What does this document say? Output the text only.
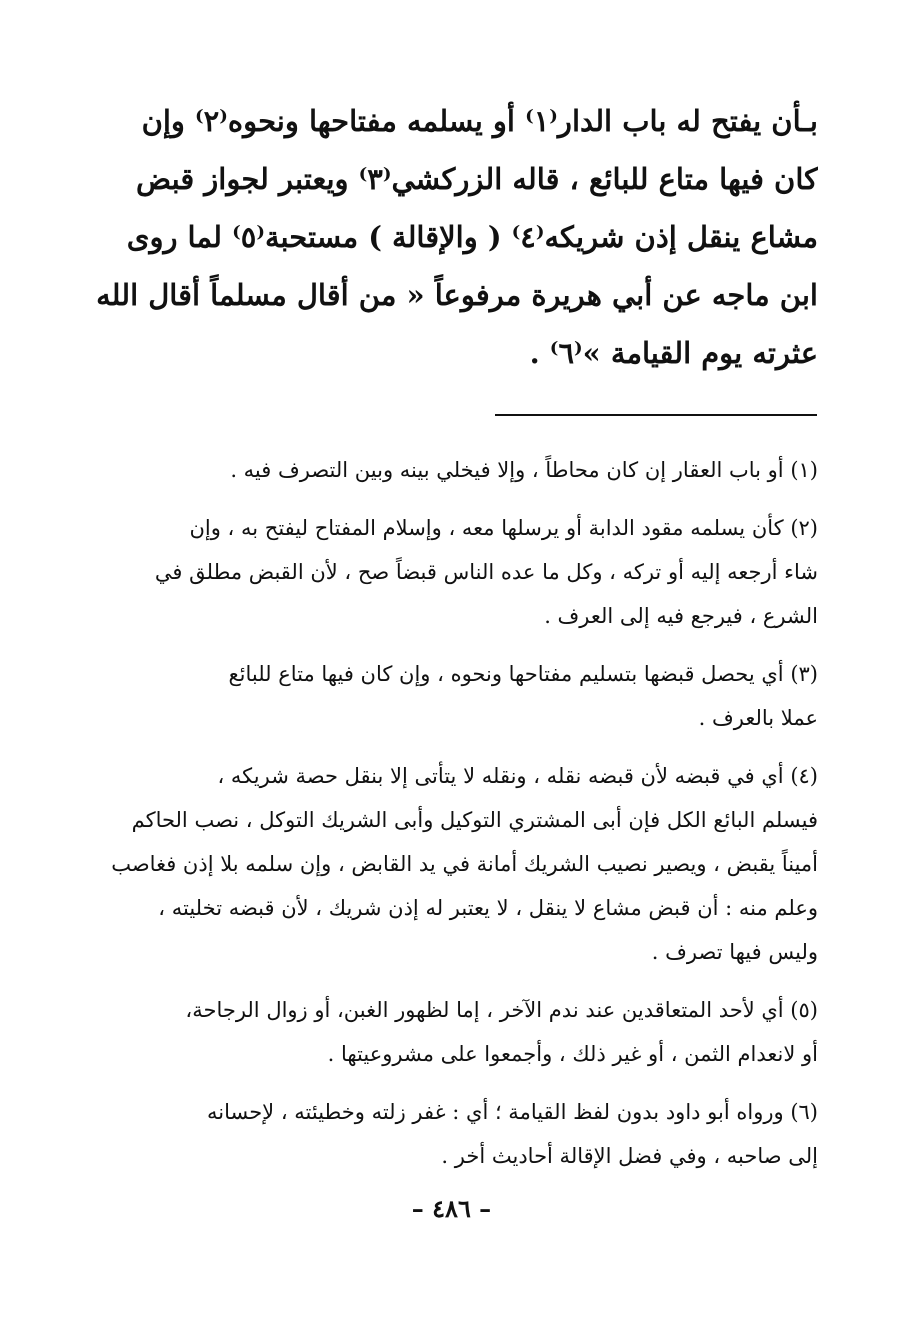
بـأن يفتح له باب الدار⁽١⁾ أو يسلمه مفتاحها ونحوه⁽٢⁾ وإن
كان فيها متاع للبائع ، قاله الزركشي⁽٣⁾ ويعتبر لجواز قبض
مشاع ينقل إذن شريكه⁽٤⁾ ( والإقالة ) مستحبة⁽٥⁾ لما روى
ابن ماجه عن أبي هريرة مرفوعاً « من أقال مسلماً أقال الله
عثرته يوم القيامة »⁽٦⁾ .
(١) أو باب العقار إن كان محاطاً ، وإلا فيخلي بينه وبين التصرف فيه .
(٢) كأن يسلمه مقود الدابة أو يرسلها معه ، وإسلام المفتاح ليفتح به ، وإن
شاء أرجعه إليه أو تركه ، وكل ما عده الناس قبضاً صح ، لأن القبض مطلق في
الشرع ، فيرجع فيه إلى العرف .
(٣) أي يحصل قبضها بتسليم مفتاحها ونحوه ، وإن كان فيها متاع للبائع
عملا بالعرف .
(٤) أي في قبضه لأن قبضه نقله ، ونقله لا يتأتى إلا بنقل حصة شريكه ،
فيسلم البائع الكل فإن أبى المشتري التوكيل وأبى الشريك التوكل ، نصب الحاكم
أميناً يقبض ، ويصير نصيب الشريك أمانة في يد القابض ، وإن سلمه بلا إذن فغاصب
وعلم منه : أن قبض مشاع لا ينقل ، لا يعتبر له إذن شريك ، لأن قبضه تخليته ،
وليس فيها تصرف .
(٥) أي لأحد المتعاقدين عند ندم الآخر ، إما لظهور الغبن، أو زوال الرجاحة،
أو لانعدام الثمن ، أو غير ذلك ، وأجمعوا على مشروعيتها .
(٦) ورواه أبو داود بدون لفظ القيامة ؛ أي : غفر زلته وخطيئته ، لإحسانه
إلى صاحبه ، وفي فضل الإقالة أحاديث أخر .
– ٤٨٦ –
